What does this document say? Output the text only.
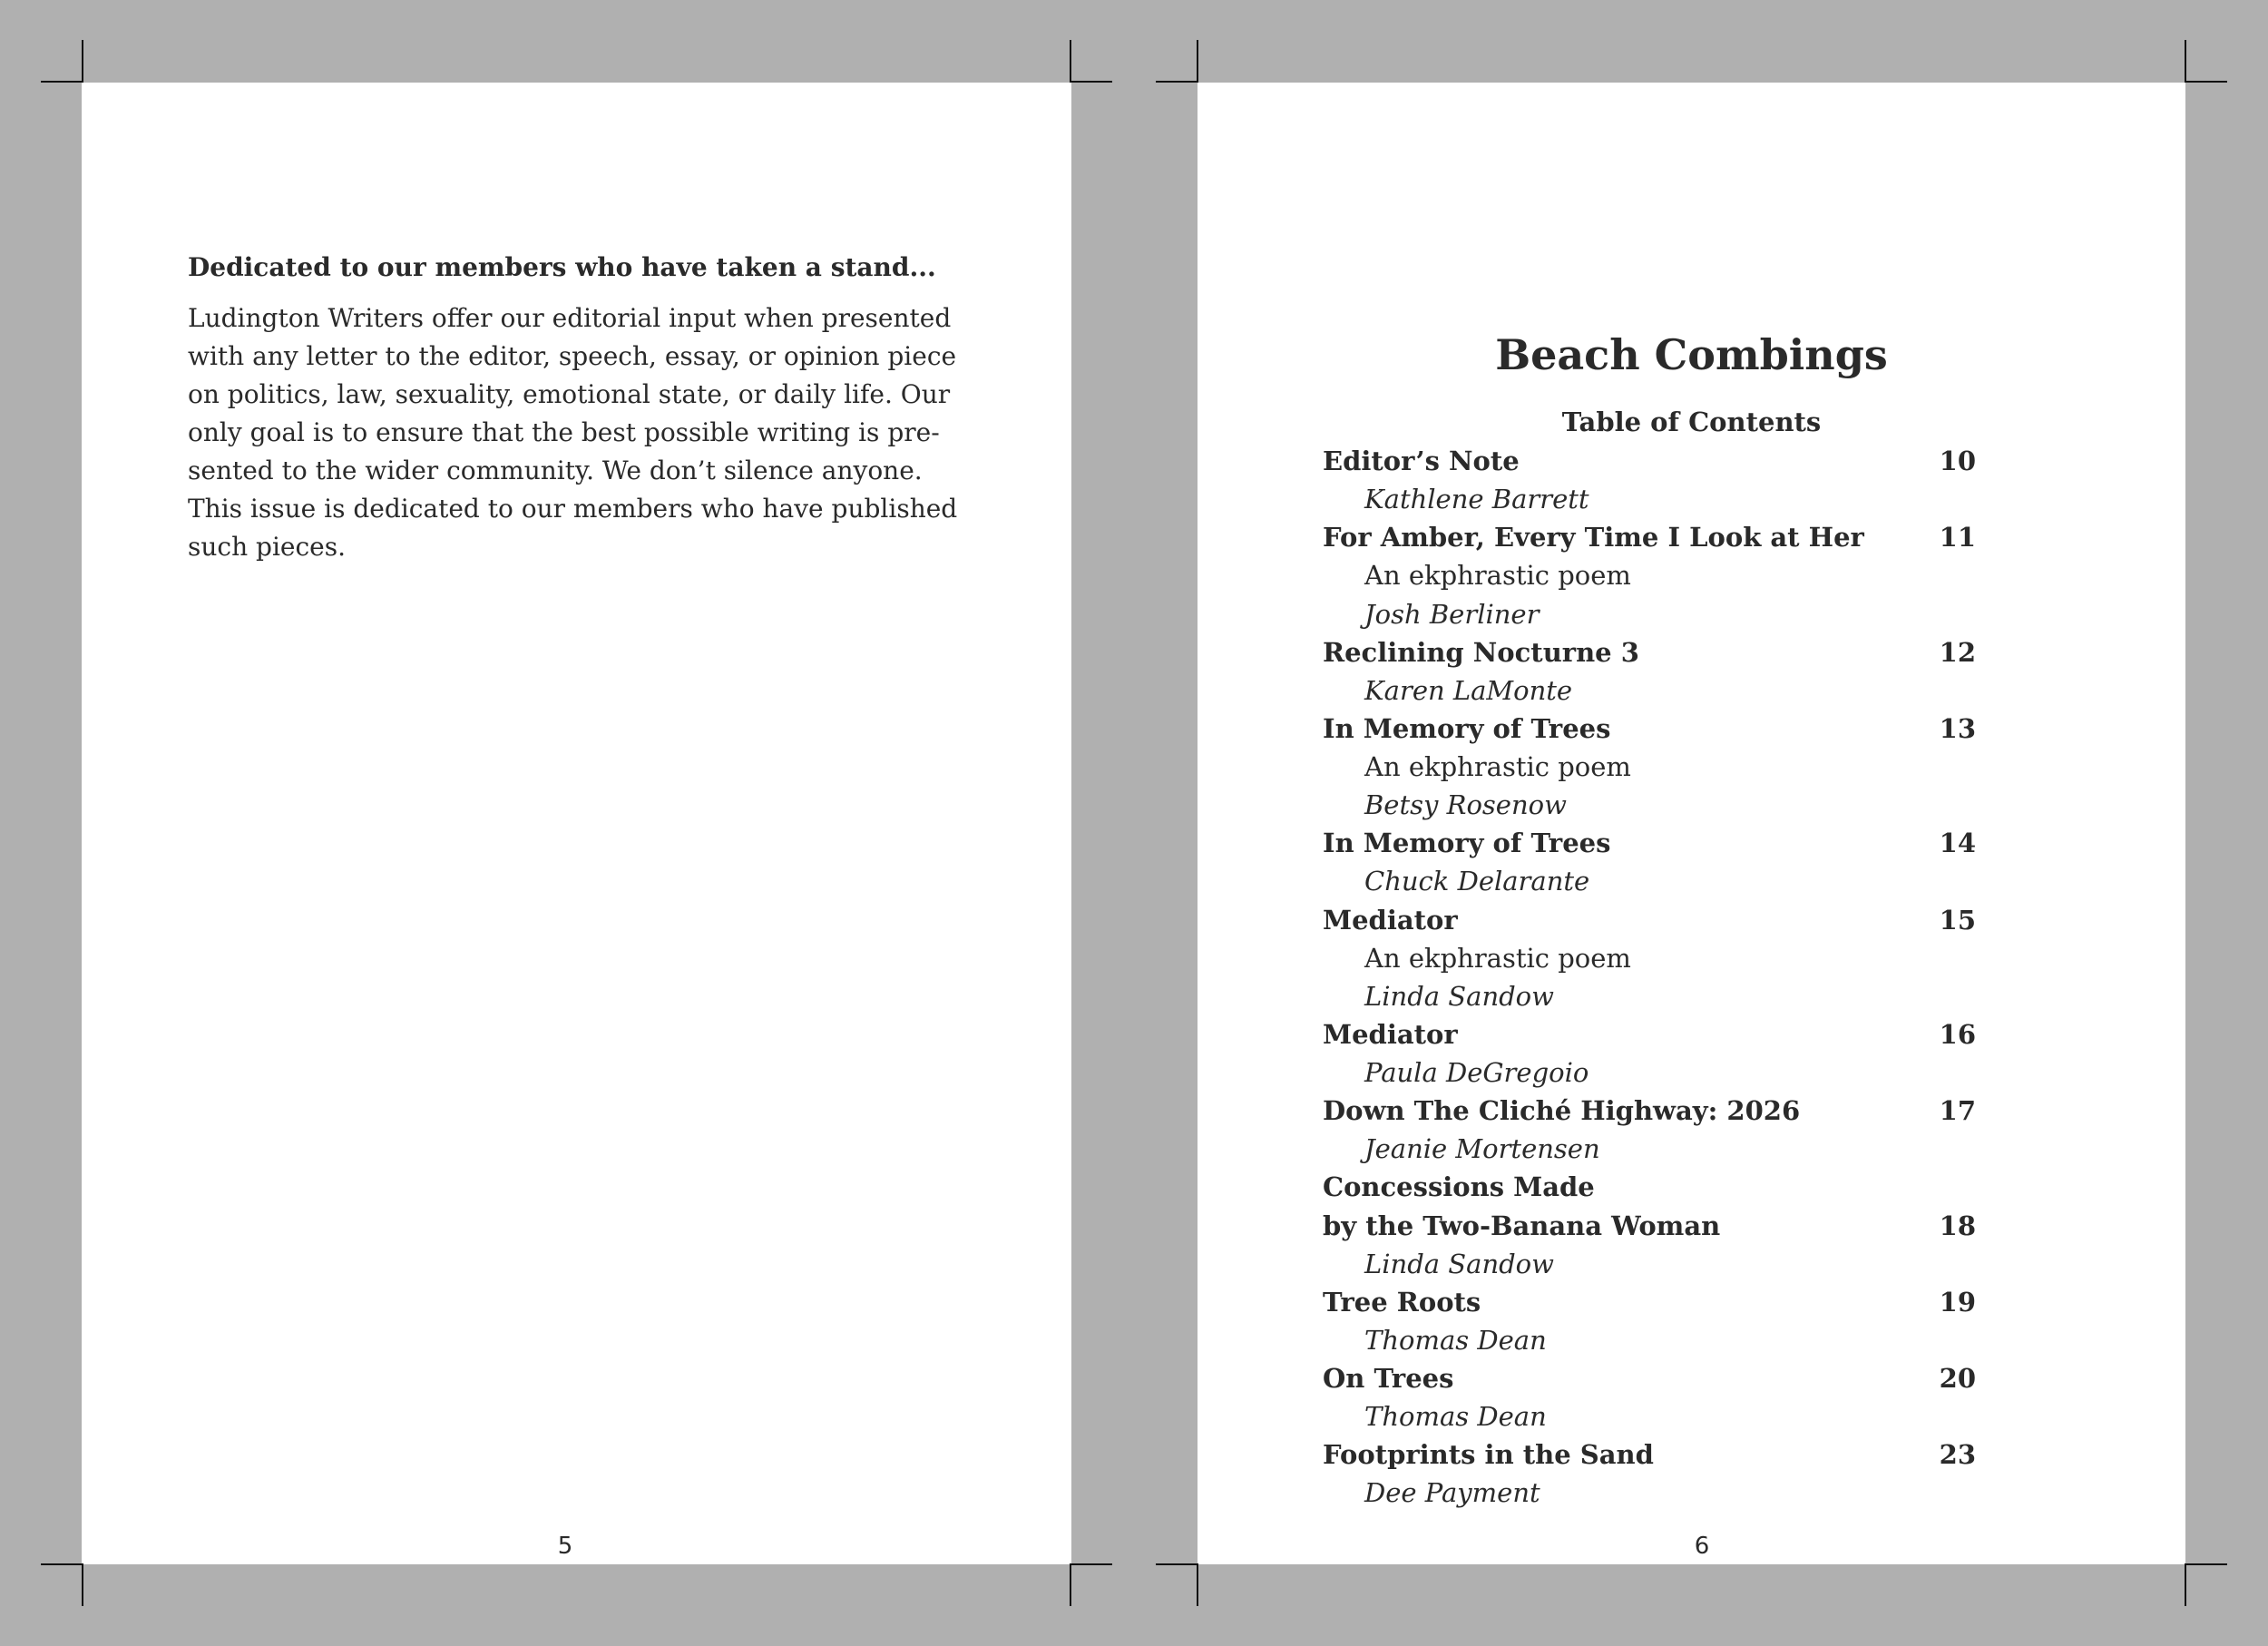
Dedicated to our members who have taken a stand...

Ludington Writers offer our editorial input when presented
with any letter to the editor, speech, essay, or opinion piece
on politics, law, sexuality, emotional state, or daily life. Our
only goal is to ensure that the best possible writing is pre-
sented to the wider community. We don’t silence anyone.
This issue is dedicated to our members who have published
such pieces.

5
Beach Combings
Table of Contents
Editor’s Note	10
Kathlene Barrett
For Amber, Every Time I Look at Her	11
An ekphrastic poem
Josh Berliner
Reclining Nocturne 3	12
Karen LaMonte
In Memory of Trees	13
An ekphrastic poem
Betsy Rosenow
In Memory of Trees	14
Chuck Delarante
Mediator	15
An ekphrastic poem
Linda Sandow
Mediator	16
Paula DeGregoio
Down The Cliché Highway: 2026	17
Jeanie Mortensen
Concessions Made
by the Two-Banana Woman	18
Linda Sandow
Tree Roots	19
Thomas Dean
On Trees	20
Thomas Dean
Footprints in the Sand	23
Dee Payment
6
